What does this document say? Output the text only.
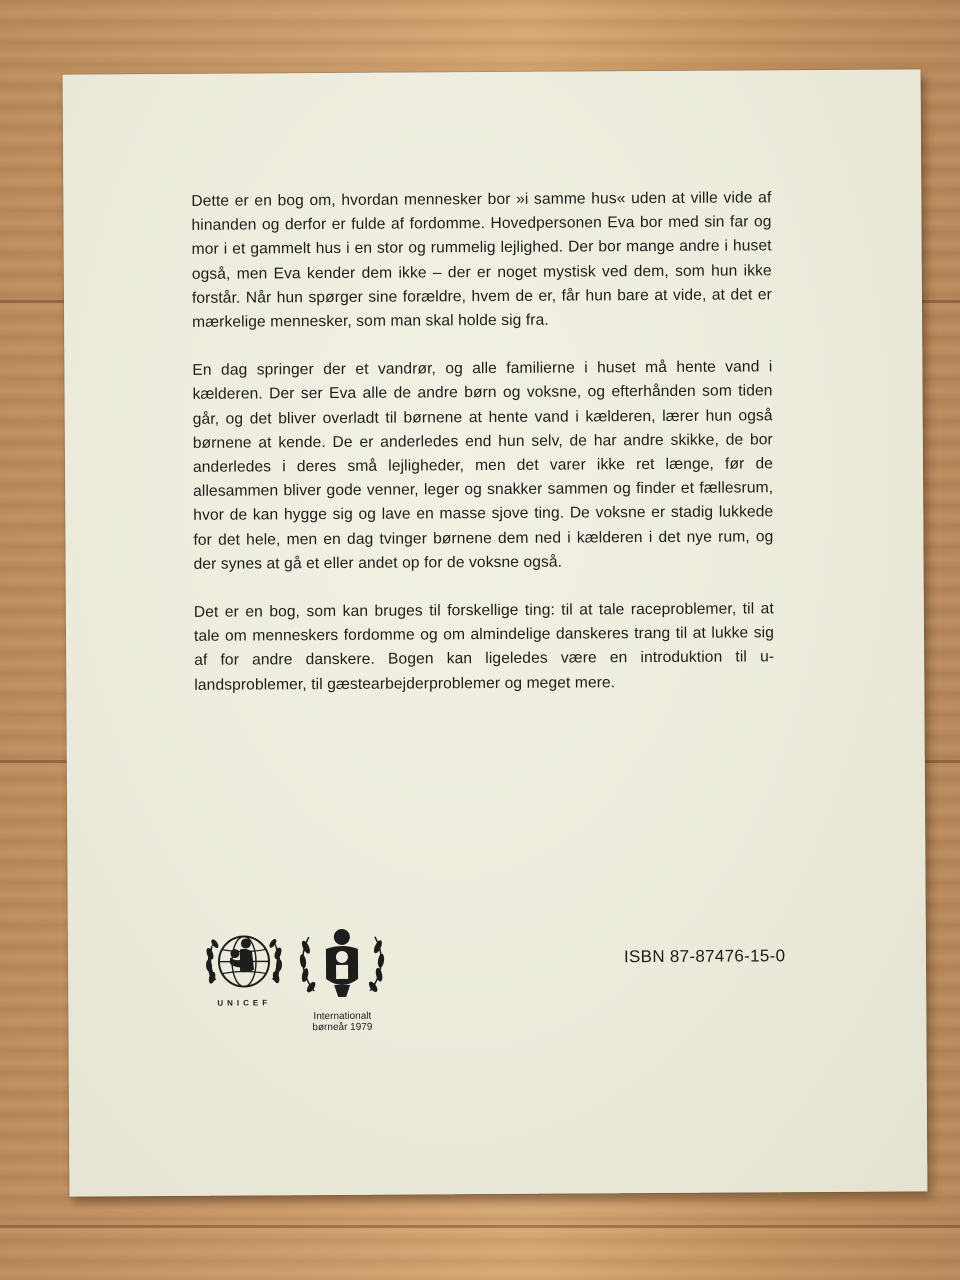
Dette er en bog om, hvordan mennesker bor »i samme hus« uden at ville vide af hinanden og derfor er fulde af fordomme. Hovedpersonen Eva bor med sin far og mor i et gammelt hus i en stor og rummelig lejlighed. Der bor mange andre i huset også, men Eva kender dem ikke – der er noget mystisk ved dem, som hun ikke forstår. Når hun spørger sine forældre, hvem de er, får hun bare at vide, at det er mærkelige mennesker, som man skal holde sig fra.

En dag springer der et vandrør, og alle familierne i huset må hente vand i kælderen. Der ser Eva alle de andre børn og voksne, og efterhånden som tiden går, og det bliver overladt til børnene at hente vand i kælderen, lærer hun også børnene at kende. De er anderledes end hun selv, de har andre skikke, de bor anderledes i deres små lejligheder, men det varer ikke ret længe, før de allesammen bliver gode venner, leger og snakker sammen og finder et fællesrum, hvor de kan hygge sig og lave en masse sjove ting. De voksne er stadig lukkede for det hele, men en dag tvinger børnene dem ned i kælderen i det nye rum, og der synes at gå et eller andet op for de voksne også.

Det er en bog, som kan bruges til forskellige ting: til at tale raceproblemer, til at tale om menneskers fordomme og om almindelige danskeres trang til at lukke sig af for andre danskere. Bogen kan ligeledes være en introduktion til u-landsproblemer, til gæstearbejderproblemer og meget mere.

UNICEF
Internationalt
børneår 1979
ISBN 87-87476-15-0
